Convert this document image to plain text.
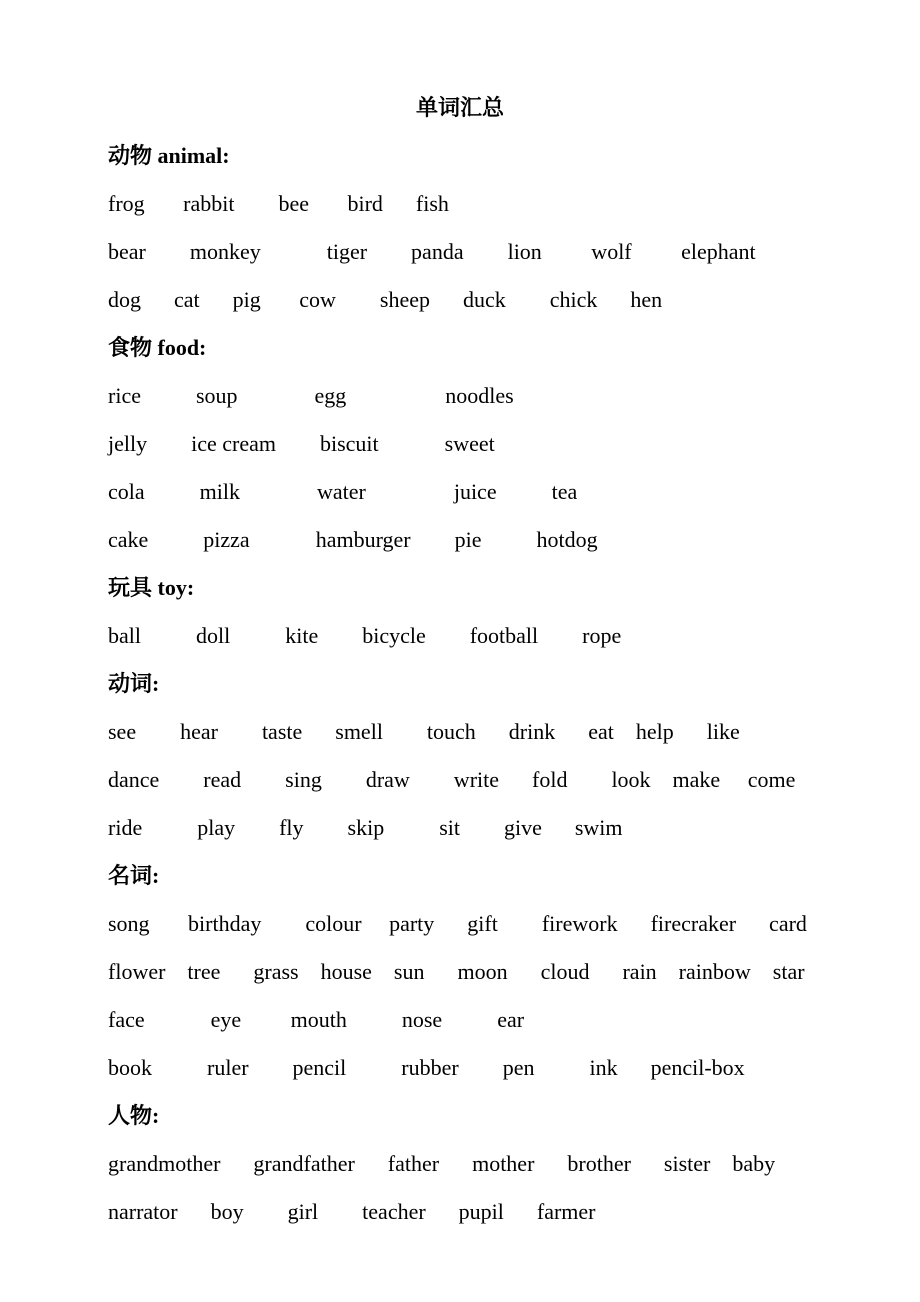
单词汇总
动物 animal:
frog       rabbit        bee       bird      fish
bear        monkey            tiger        panda        lion         wolf         elephant
dog      cat      pig       cow        sheep      duck        chick      hen
食物 food:
rice          soup              egg                  noodles
jelly        ice cream        biscuit            sweet
cola          milk              water                juice          tea
cake          pizza            hamburger        pie          hotdog
玩具 toy:
ball          doll          kite        bicycle        football        rope
动词:
see        hear        taste      smell        touch      drink      eat    help      like
dance        read        sing        draw        write      fold        look    make     come
ride          play        fly        skip          sit        give      swim
名词:
song       birthday        colour     party      gift        firework      firecraker      card
flower    tree      grass    house    sun      moon      cloud      rain    rainbow    star
face            eye         mouth          nose          ear
book          ruler        pencil          rubber        pen          ink      pencil-box
人物:
grandmother      grandfather      father      mother      brother      sister    baby
narrator      boy        girl        teacher      pupil      farmer
